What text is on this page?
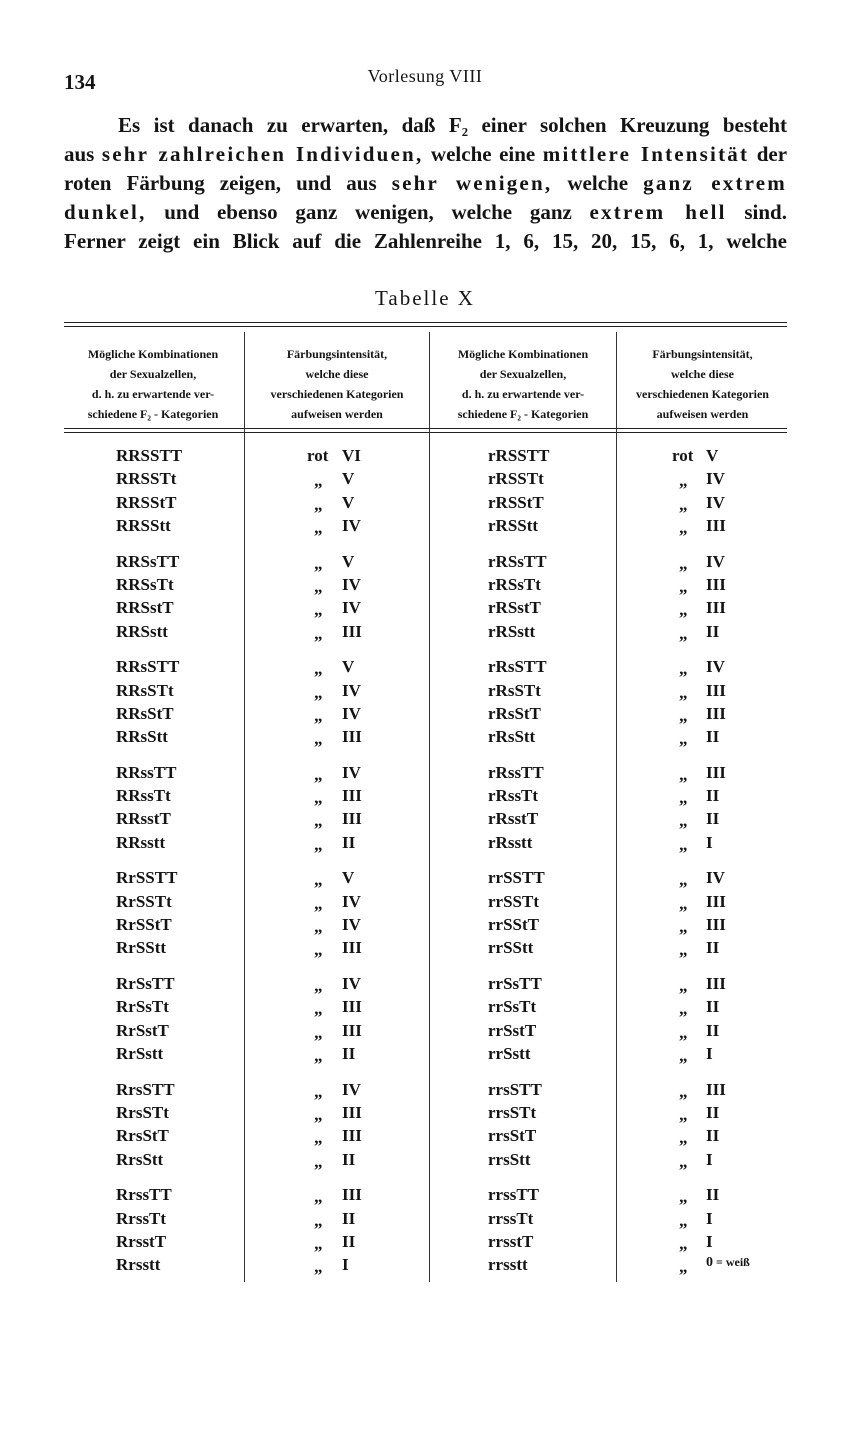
134	Vorlesung VIII
Es ist danach zu erwarten, daß F₂ einer solchen Kreuzung besteht
aus sehr zahlreichen Individuen, welche eine mittlere Intensität der
roten Färbung zeigen, und aus sehr wenigen, welche ganz extrem
dunkel, und ebenso ganz wenigen, welche ganz extrem hell sind.
Ferner zeigt ein Blick auf die Zahlenreihe 1, 6, 15, 20, 15, 6, 1, welche
Tabelle X
Mögliche Kombinationen
der Sexualzellen,
d. h. zu erwartende ver-
schiedene F₂ - Kategorien
Färbungsintensität,
welche diese
verschiedenen Kategorien
aufweisen werden
Mögliche Kombinationen
der Sexualzellen,
d. h. zu erwartende ver-
schiedene F₂ - Kategorien
Färbungsintensität,
welche diese
verschiedenen Kategorien
aufweisen werden
RRSSTT	rot VI	rRSSTT	rot V
RRSSTt	„ V	rRSSTt	„ IV
RRSStT	„ V	rRSStT	„ IV
RRSStt	„ IV	rRSStt	„ III
RRSsTT	„ V	rRSsTT	„ IV
RRSsTt	„ IV	rRSsTt	„ III
RRSstT	„ IV	rRSstT	„ III
RRSstt	„ III	rRSstt	„ II
RRsSTT	„ V	rRsSTT	„ IV
RRsSTt	„ IV	rRsSTt	„ III
RRsStT	„ IV	rRsStT	„ III
RRsStt	„ III	rRsStt	„ II
RRssTT	„ IV	rRssTT	„ III
RRssTt	„ III	rRssTt	„ II
RRsstT	„ III	rRsstT	„ II
RRsstt	„ II	rRsstt	„ I
RrSSTT	„ V	rrSSTT	„ IV
RrSSTt	„ IV	rrSSTt	„ III
RrSStT	„ IV	rrSStT	„ III
RrSStt	„ III	rrSStt	„ II
RrSsTT	„ IV	rrSsTT	„ III
RrSsTt	„ III	rrSsTt	„ II
RrSstT	„ III	rrSstT	„ II
RrSstt	„ II	rrSstt	„ I
RrsSTT	„ IV	rrsSTT	„ III
RrsSTt	„ III	rrsSTt	„ II
RrsStT	„ III	rrsStT	„ II
RrsStt	„ II	rrsStt	„ I
RrssTT	„ III	rrssTT	„ II
RrssTt	„ II	rrssTt	„ I
RrsstT	„ II	rrsstT	„ I
Rrsstt	„ I	rrsstt	„ 0 = weiß
